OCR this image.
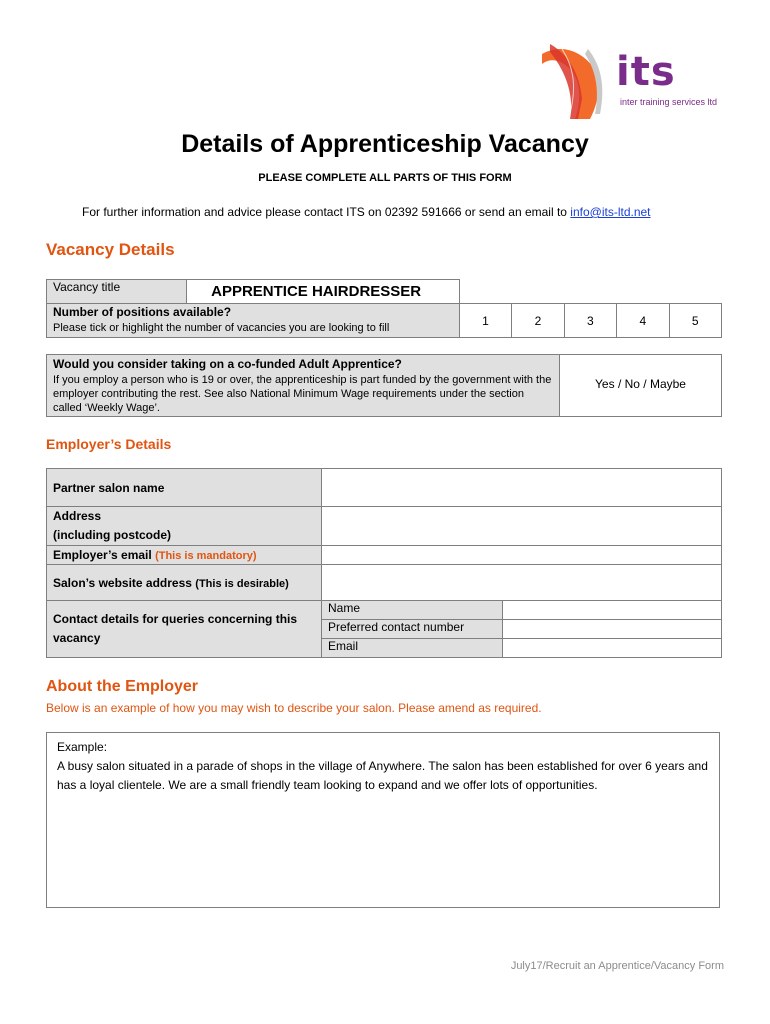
its
inter training services ltd
Details of Apprenticeship Vacancy
PLEASE COMPLETE ALL PARTS OF THIS FORM
For further information and advice please contact ITS on 02392 591666 or send an email to info@its-ltd.net
Vacancy Details
Vacancy title	APPRENTICE HAIRDRESSER					

Number of positions available?
Please tick or highlight the number of vacancies you are looking to fill		1	2	3	4	5
Would you consider taking on a co-funded Adult Apprentice?
If you employ a person who is 19 or over, the apprenticeship is part funded by the government with the employer contributing the rest. See also National Minimum Wage requirements under the section called ‘Weekly Wage’.
	Yes / No / Maybe
Employer’s Details
Partner salon name		

Address
(including postcode)		

Employer’s email (This is mandatory)		
Salon’s website address (This is desirable)		
Contact details for queries concerning this vacancy	Name	
	Preferred contact number	
	Email	
About the Employer
Below is an example of how you may wish to describe your salon. Please amend as required.
Example:
A busy salon situated in a parade of shops in the village of Anywhere. The salon has been established for over 6 years and has a loyal clientele. We are a small friendly team looking to expand and we offer lots of opportunities.
July17/Recruit an Apprentice/Vacancy Form
